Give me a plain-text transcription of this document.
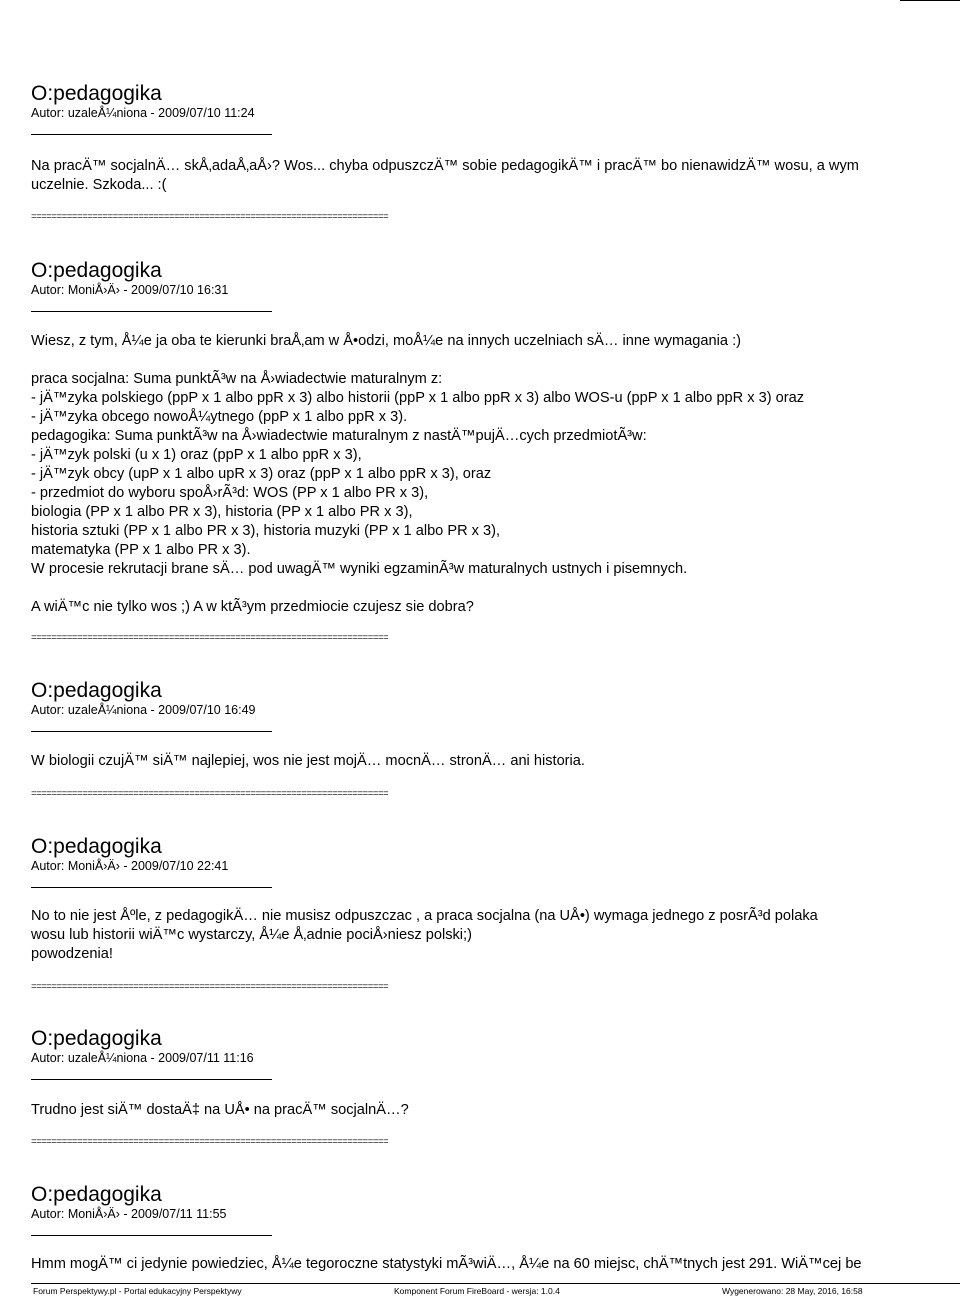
O:pedagogika
Autor: uzaleÅ¼niona - 2009/07/10 11:24
Na pracÄ™ socjalnÄ… skÅ‚adaÅ‚aÅ›? Wos... chyba odpuszczÄ™ sobie pedagogikÄ™ i pracÄ™ bo nienawidzÄ™ wosu, a wym
uczelnie. Szkoda... :(
======================================================================
O:pedagogika
Autor: MoniÅ›Ä› - 2009/07/10 16:31
Wiesz, z tym, Å¼e ja oba te kierunki braÅ‚am w Å•odzi, moÅ¼e na innych uczelniach sÄ… inne wymagania :)
praca socjalna: Suma punktÃ³w na Å›wiadectwie maturalnym z:
- jÄ™zyka polskiego (ppP x 1 albo ppR x 3) albo historii (ppP x 1 albo ppR x 3) albo WOS-u (ppP x 1 albo ppR x 3) oraz
- jÄ™zyka obcego nowoÅ¼ytnego (ppP x 1 albo ppR x 3).
pedagogika: Suma punktÃ³w na Å›wiadectwie maturalnym z nastÄ™pujÄ…cych przedmiotÃ³w:
- jÄ™zyk polski (u x 1) oraz (ppP x 1 albo ppR x 3),
- jÄ™zyk obcy (upP x 1 albo upR x 3) oraz (ppP x 1 albo ppR x 3), oraz
- przedmiot do wyboru spoÅ›rÃ³d: WOS (PP x 1 albo PR x 3),
biologia (PP x 1 albo PR x 3), historia (PP x 1 albo PR x 3),
historia sztuki (PP x 1 albo PR x 3), historia muzyki (PP x 1 albo PR x 3),
matematyka (PP x 1 albo PR x 3).
W procesie rekrutacji brane sÄ… pod uwagÄ™ wyniki egzaminÃ³w maturalnych ustnych i pisemnych.
A wiÄ™c nie tylko wos ;) A w ktÃ³ym przedmiocie czujesz sie dobra?
======================================================================
O:pedagogika
Autor: uzaleÅ¼niona - 2009/07/10 16:49
W biologii czujÄ™ siÄ™ najlepiej, wos nie jest mojÄ… mocnÄ… stronÄ… ani historia.
======================================================================
O:pedagogika
Autor: MoniÅ›Ä› - 2009/07/10 22:41
No to nie jest Åºle, z pedagogikÄ… nie musisz odpuszczac , a praca socjalna (na UÅ•) wymaga jednego z posrÃ³d polaka
wosu lub historii wiÄ™c wystarczy, Å¼e Å‚adnie pociÅ›niesz polski;)
powodzenia!
======================================================================
O:pedagogika
Autor: uzaleÅ¼niona - 2009/07/11 11:16
Trudno jest siÄ™ dostaÄ‡ na UÅ• na pracÄ™ socjalnÄ…?
======================================================================
O:pedagogika
Autor: MoniÅ›Ä› - 2009/07/11 11:55
Hmm mogÄ™ ci jedynie powiedziec, Å¼e tegoroczne statystyki mÃ³wiÄ…, Å¼e na 60 miejsc, chÄ™tnych jest 291. WiÄ™cej be
Forum Perspektywy.pl - Portal edukacyjny Perspektywy	Komponent Forum FireBoard - wersja: 1.0.4	Wygenerowano: 28 May, 2016, 16:58
